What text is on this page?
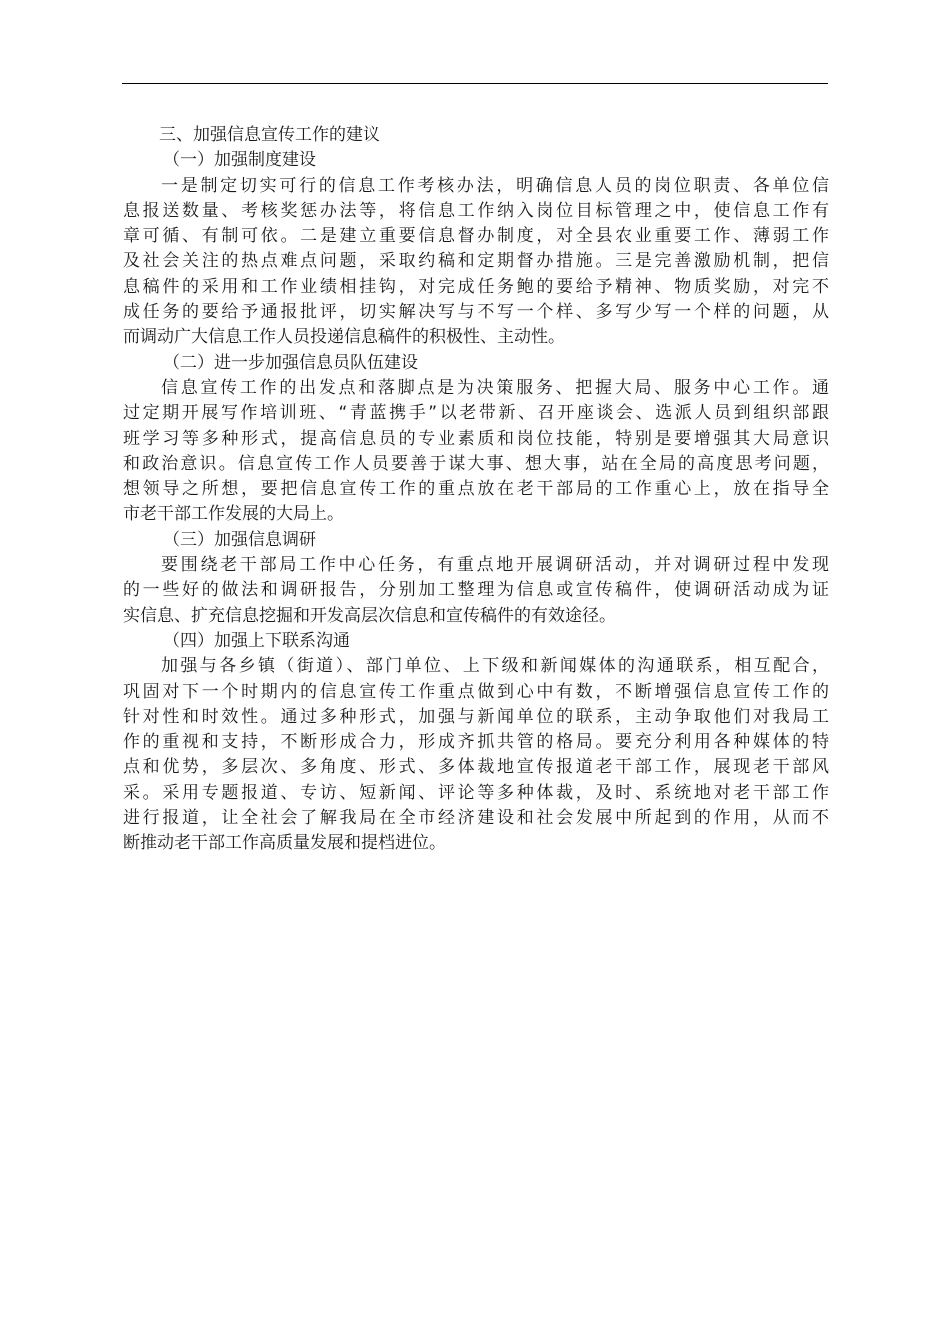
三、加强信息宣传工作的建议
（一）加强制度建设
一是制定切实可行的信息工作考核办法，明确信息人员的岗位职责、各单位信
息报送数量、考核奖惩办法等，将信息工作纳入岗位目标管理之中，使信息工作有
章可循、有制可依。二是建立重要信息督办制度，对全县农业重要工作、薄弱工作
及社会关注的热点难点问题，采取约稿和定期督办措施。三是完善激励机制，把信
息稿件的采用和工作业绩相挂钩，对完成任务鲍的要给予精神、物质奖励，对完不
成任务的要给予通报批评，切实解决写与不写一个样、多写少写一个样的问题，从
而调动广大信息工作人员投递信息稿件的积极性、主动性。
（二）进一步加强信息员队伍建设
信息宣传工作的出发点和落脚点是为决策服务、把握大局、服务中心工作。通
过定期开展写作培训班、“青蓝携手”以老带新、召开座谈会、选派人员到组织部跟
班学习等多种形式，提高信息员的专业素质和岗位技能，特别是要增强其大局意识
和政治意识。信息宣传工作人员要善于谋大事、想大事，站在全局的高度思考问题，
想领导之所想，要把信息宣传工作的重点放在老干部局的工作重心上，放在指导全
市老干部工作发展的大局上。
（三）加强信息调研
要围绕老干部局工作中心任务，有重点地开展调研活动，并对调研过程中发现
的一些好的做法和调研报告，分别加工整理为信息或宣传稿件，使调研活动成为证
实信息、扩充信息挖掘和开发高层次信息和宣传稿件的有效途径。
（四）加强上下联系沟通
加强与各乡镇（街道）、部门单位、上下级和新闻媒体的沟通联系，相互配合，
巩固对下一个时期内的信息宣传工作重点做到心中有数，不断增强信息宣传工作的
针对性和时效性。通过多种形式，加强与新闻单位的联系，主动争取他们对我局工
作的重视和支持，不断形成合力，形成齐抓共管的格局。要充分利用各种媒体的特
点和优势，多层次、多角度、形式、多体裁地宣传报道老干部工作，展现老干部风
采。采用专题报道、专访、短新闻、评论等多种体裁，及时、系统地对老干部工作
进行报道，让全社会了解我局在全市经济建设和社会发展中所起到的作用，从而不
断推动老干部工作高质量发展和提档进位。
